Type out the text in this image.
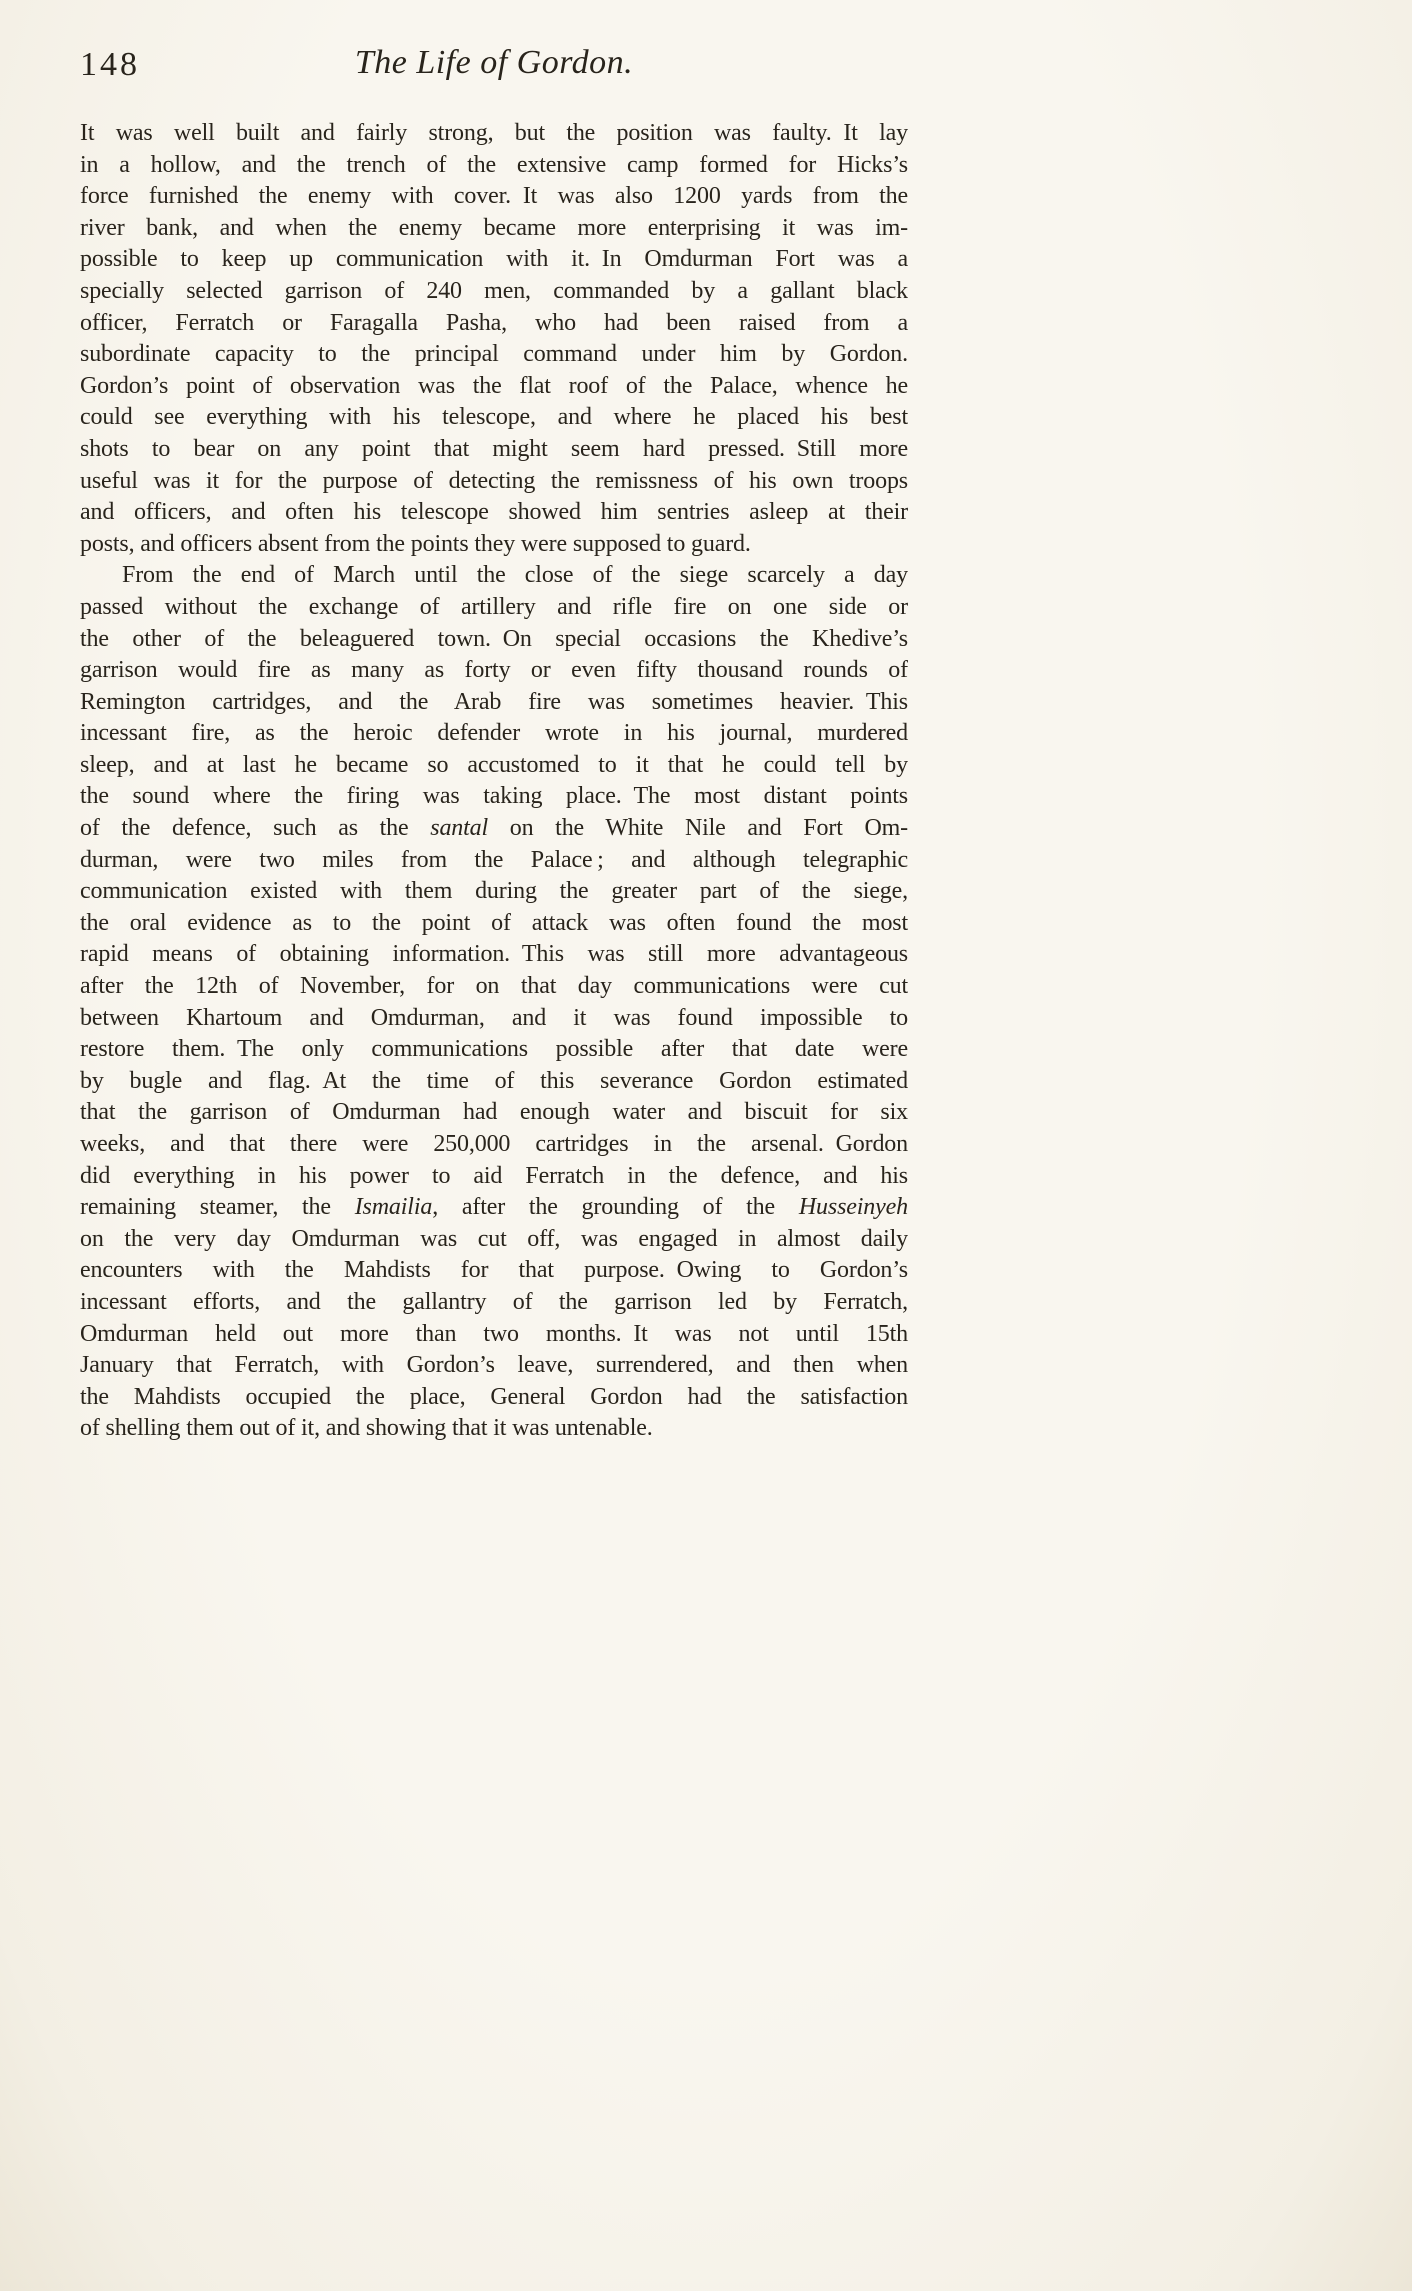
148	The Life of Gordon.
It was well built and fairly strong, but the position was faulty. It lay
in a hollow, and the trench of the extensive camp formed for Hicks’s
force furnished the enemy with cover. It was also 1200 yards from the
river bank, and when the enemy became more enterprising it was im-
possible to keep up communication with it. In Omdurman Fort was a
specially selected garrison of 240 men, commanded by a gallant black
officer, Ferratch or Faragalla Pasha, who had been raised from a
subordinate capacity to the principal command under him by Gordon.
Gordon’s point of observation was the flat roof of the Palace, whence he
could see everything with his telescope, and where he placed his best
shots to bear on any point that might seem hard pressed. Still more
useful was it for the purpose of detecting the remissness of his own troops
and officers, and often his telescope showed him sentries asleep at their
posts, and officers absent from the points they were supposed to guard.
From the end of March until the close of the siege scarcely a day
passed without the exchange of artillery and rifle fire on one side or
the other of the beleaguered town. On special occasions the Khedive’s
garrison would fire as many as forty or even fifty thousand rounds of
Remington cartridges, and the Arab fire was sometimes heavier. This
incessant fire, as the heroic defender wrote in his journal, murdered
sleep, and at last he became so accustomed to it that he could tell by
the sound where the firing was taking place. The most distant points
of the defence, such as the santal on the White Nile and Fort Om-
durman, were two miles from the Palace ; and although telegraphic
communication existed with them during the greater part of the siege,
the oral evidence as to the point of attack was often found the most
rapid means of obtaining information. This was still more advantageous
after the 12th of November, for on that day communications were cut
between Khartoum and Omdurman, and it was found impossible to
restore them. The only communications possible after that date were
by bugle and flag. At the time of this severance Gordon estimated
that the garrison of Omdurman had enough water and biscuit for six
weeks, and that there were 250,000 cartridges in the arsenal. Gordon
did everything in his power to aid Ferratch in the defence, and his
remaining steamer, the Ismailia, after the grounding of the Husseinyeh
on the very day Omdurman was cut off, was engaged in almost daily
encounters with the Mahdists for that purpose. Owing to Gordon’s
incessant efforts, and the gallantry of the garrison led by Ferratch,
Omdurman held out more than two months. It was not until 15th
January that Ferratch, with Gordon’s leave, surrendered, and then when
the Mahdists occupied the place, General Gordon had the satisfaction
of shelling them out of it, and showing that it was untenable.
